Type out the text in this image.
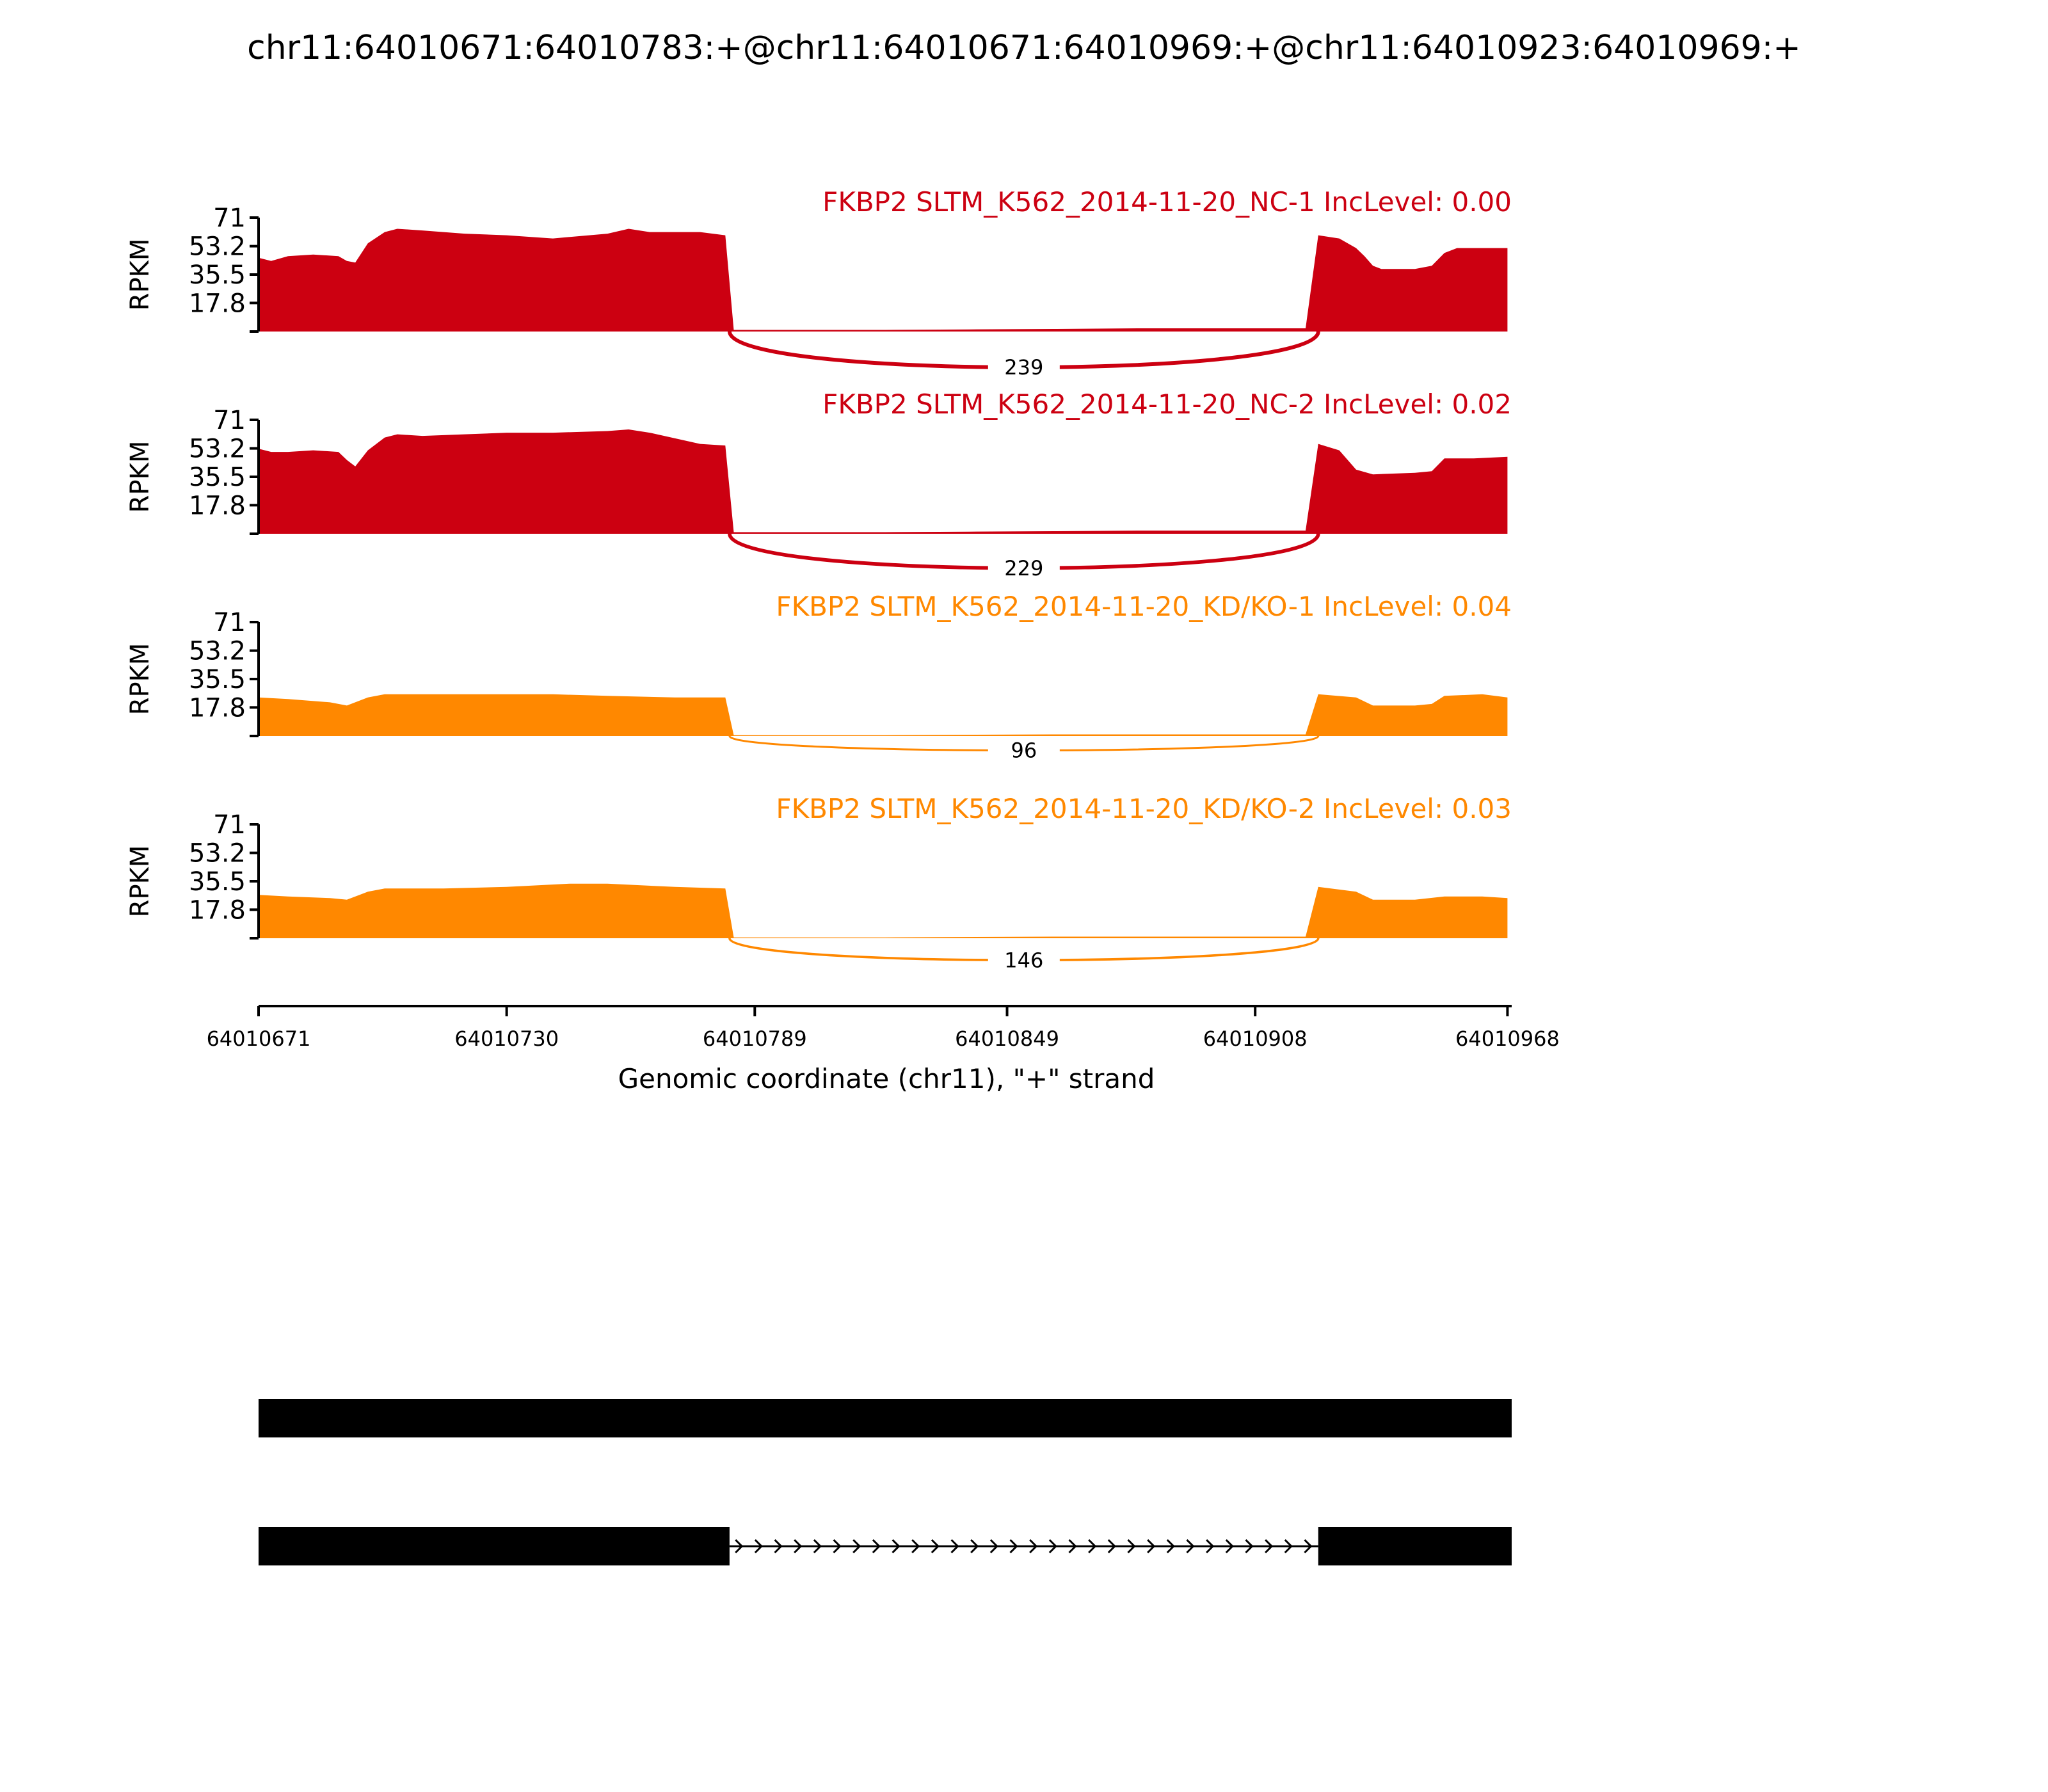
chr11:64010671:64010783:+@chr11:64010671:64010969:+@chr11:64010923:64010969:+
71
53.2
35.5
17.8
RPKM
FKBP2 SLTM_K562_2014-11-20_NC-1 IncLevel: 0.00
239
71
53.2
35.5
17.8
RPKM
FKBP2 SLTM_K562_2014-11-20_NC-2 IncLevel: 0.02
229
71
53.2
35.5
17.8
RPKM
FKBP2 SLTM_K562_2014-11-20_KD/KO-1 IncLevel: 0.04
96
71
53.2
35.5
17.8
RPKM
FKBP2 SLTM_K562_2014-11-20_KD/KO-2 IncLevel: 0.03
146
64010671	64010730	64010789	64010849	64010908	64010968
Genomic coordinate (chr11), "+" strand
